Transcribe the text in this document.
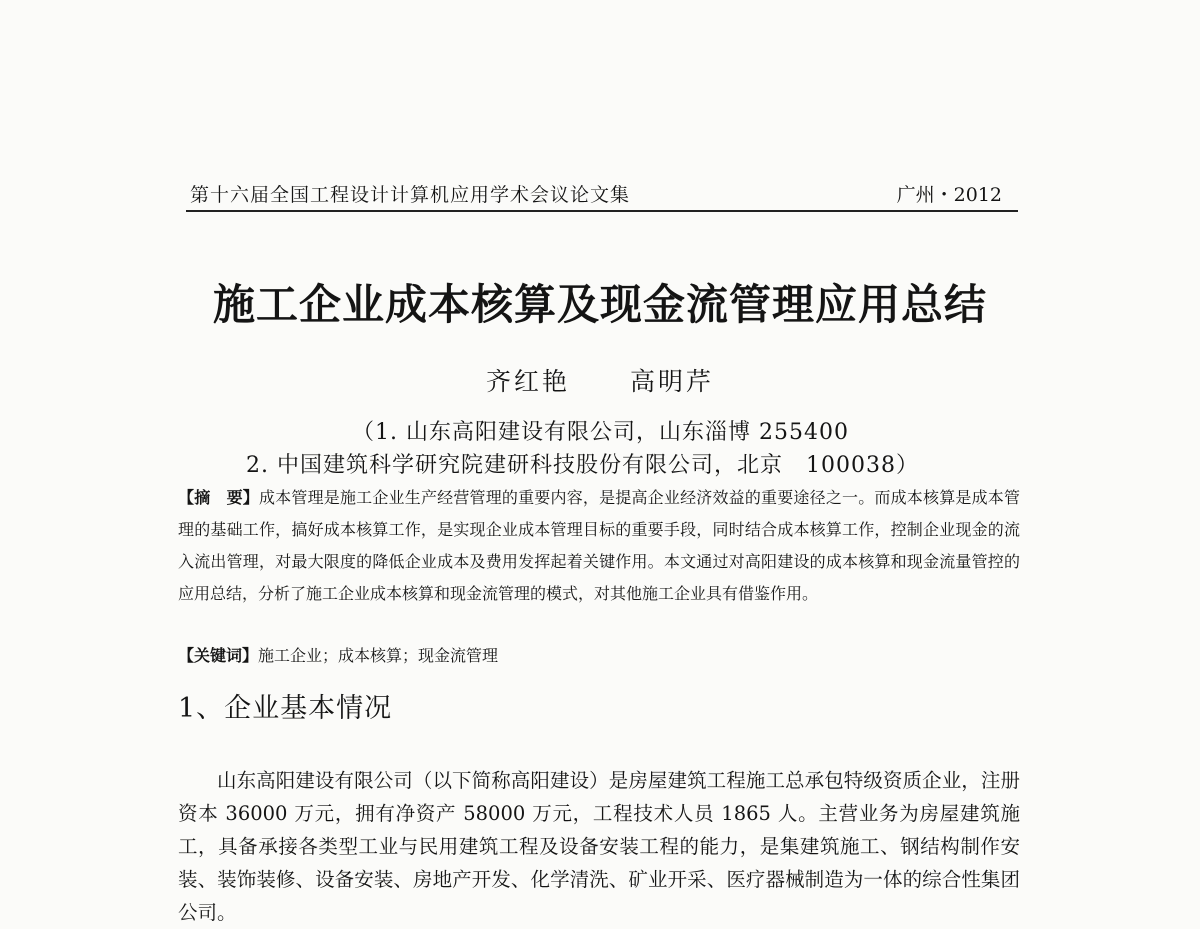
第十六届全国工程设计计算机应用学术会议论文集	广州・2012
施工企业成本核算及现金流管理应用总结
齐红艳 高明芹
（1. 山东高阳建设有限公司，山东淄博 255400
2. 中国建筑科学研究院建研科技股份有限公司，北京　100038）

【摘　要】成本管理是施工企业生产经营管理的重要内容，是提高企业经济效益的重要途径之一。而成本核算是成本管理的基础工作，搞好成本核算工作，是实现企业成本管理目标的重要手段，同时结合成本核算工作，控制企业现金的流入流出管理，对最大限度的降低企业成本及费用发挥起着关键作用。本文通过对高阳建设的成本核算和现金流量管控的应用总结，分析了施工企业成本核算和现金流管理的模式，对其他施工企业具有借鉴作用。

【关键词】施工企业；成本核算；现金流管理

1、企业基本情况

山东高阳建设有限公司（以下简称高阳建设）是房屋建筑工程施工总承包特级资质企业，注册资本 36000 万元，拥有净资产 58000 万元，工程技术人员 1865 人。主营业务为房屋建筑施工，具备承接各类型工业与民用建筑工程及设备安装工程的能力，是集建筑施工、钢结构制作安装、装饰装修、设备安装、房地产开发、化学清洗、矿业开采、医疗器械制造为一体的综合性集团公司。
